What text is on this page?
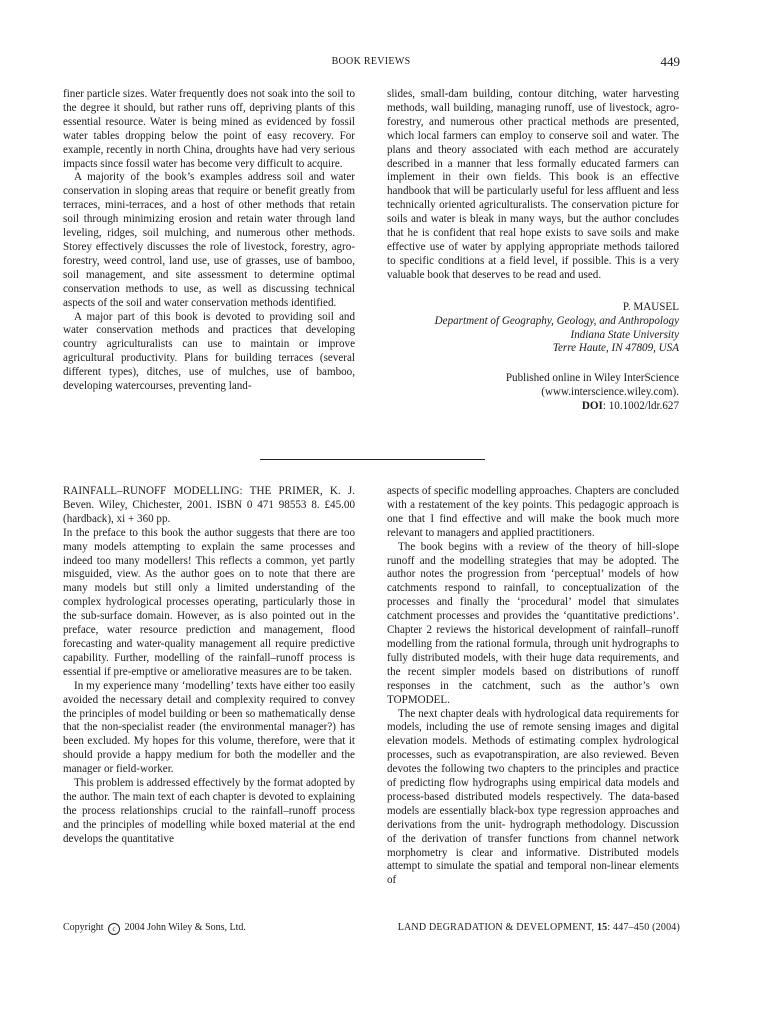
BOOK REVIEWS	449

finer particle sizes. Water frequently does not soak into the soil to the degree it should, but rather runs off, depriving plants of this essential resource. Water is being mined as evidenced by fossil water tables dropping below the point of easy recovery. For example, recently in north China, droughts have had very serious impacts since fossil water has become very difficult to acquire.

A majority of the book’s examples address soil and water conservation in sloping areas that require or benefit greatly from terraces, mini-terraces, and a host of other methods that retain soil through minimizing erosion and retain water through land leveling, ridges, soil mulching, and numerous other methods. Storey effectively discusses the role of livestock, forestry, agro-forestry, weed control, land use, use of grasses, use of bamboo, soil management, and site assessment to determine optimal conservation methods to use, as well as discussing technical aspects of the soil and water conservation methods identified.

A major part of this book is devoted to providing soil and water conservation methods and practices that developing country agriculturalists can use to maintain or improve agricultural productivity. Plans for building terraces (several different types), ditches, use of mulches, use of bamboo, developing watercourses, preventing land-

slides, small-dam building, contour ditching, water harvesting methods, wall building, managing runoff, use of livestock, agro-forestry, and numerous other practical methods are presented, which local farmers can employ to conserve soil and water. The plans and theory associated with each method are accurately described in a manner that less formally educated farmers can implement in their own fields. This book is an effective handbook that will be particularly useful for less affluent and less technically oriented agriculturalists. The conservation picture for soils and water is bleak in many ways, but the author concludes that he is confident that real hope exists to save soils and make effective use of water by applying appropriate methods tailored to specific conditions at a field level, if possible. This is a very valuable book that deserves to be read and used.

P. MAUSEL
Department of Geography, Geology, and Anthropology
Indiana State University
Terre Haute, IN 47809, USA
Published online in Wiley InterScience
(www.interscience.wiley.com).
DOI: 10.1002/ldr.627

RAINFALL–RUNOFF MODELLING: THE PRIMER, K. J. Beven. Wiley, Chichester, 2001. ISBN 0 471 98553 8. £45.00 (hardback), xi + 360 pp.

In the preface to this book the author suggests that there are too many models attempting to explain the same processes and indeed too many modellers! This reflects a common, yet partly misguided, view. As the author goes on to note that there are many models but still only a limited understanding of the complex hydrological processes operating, particularly those in the sub-surface domain. However, as is also pointed out in the preface, water resource prediction and management, flood forecasting and water-quality management all require predictive capability. Further, modelling of the rainfall–runoff process is essential if pre-emptive or ameliorative measures are to be taken.

In my experience many ‘modelling’ texts have either too easily avoided the necessary detail and complexity required to convey the principles of model building or been so mathematically dense that the non-specialist reader (the environmental manager?) has been excluded. My hopes for this volume, therefore, were that it should provide a happy medium for both the modeller and the manager or field-worker.

This problem is addressed effectively by the format adopted by the author. The main text of each chapter is devoted to explaining the process relationships crucial to the rainfall–runoff process and the principles of modelling while boxed material at the end develops the quantitative

aspects of specific modelling approaches. Chapters are concluded with a restatement of the key points. This pedagogic approach is one that I find effective and will make the book much more relevant to managers and applied practitioners.

The book begins with a review of the theory of hill-slope runoff and the modelling strategies that may be adopted. The author notes the progression from ‘perceptual’ models of how catchments respond to rainfall, to conceptualization of the processes and finally the ‘procedural’ model that simulates catchment processes and provides the ‘quantitative predictions’. Chapter 2 reviews the historical development of rainfall–runoff modelling from the rational formula, through unit hydrographs to fully distributed models, with their huge data requirements, and the recent simpler models based on distributions of runoff responses in the catchment, such as the author’s own TOPMODEL.

The next chapter deals with hydrological data requirements for models, including the use of remote sensing images and digital elevation models. Methods of estimating complex hydrological processes, such as evapotranspiration, are also reviewed. Beven devotes the following two chapters to the principles and practice of predicting flow hydrographs using empirical data models and process-based distributed models respectively. The data-based models are essentially black-box type regression approaches and derivations from the unit- hydrograph methodology. Discussion of the derivation of transfer functions from channel network morphometry is clear and informative. Distributed models attempt to simulate the spatial and temporal non-linear elements of

Copyright c 2004 John Wiley & Sons, Ltd.	LAND DEGRADATION & DEVELOPMENT, 15: 447–450 (2004)
